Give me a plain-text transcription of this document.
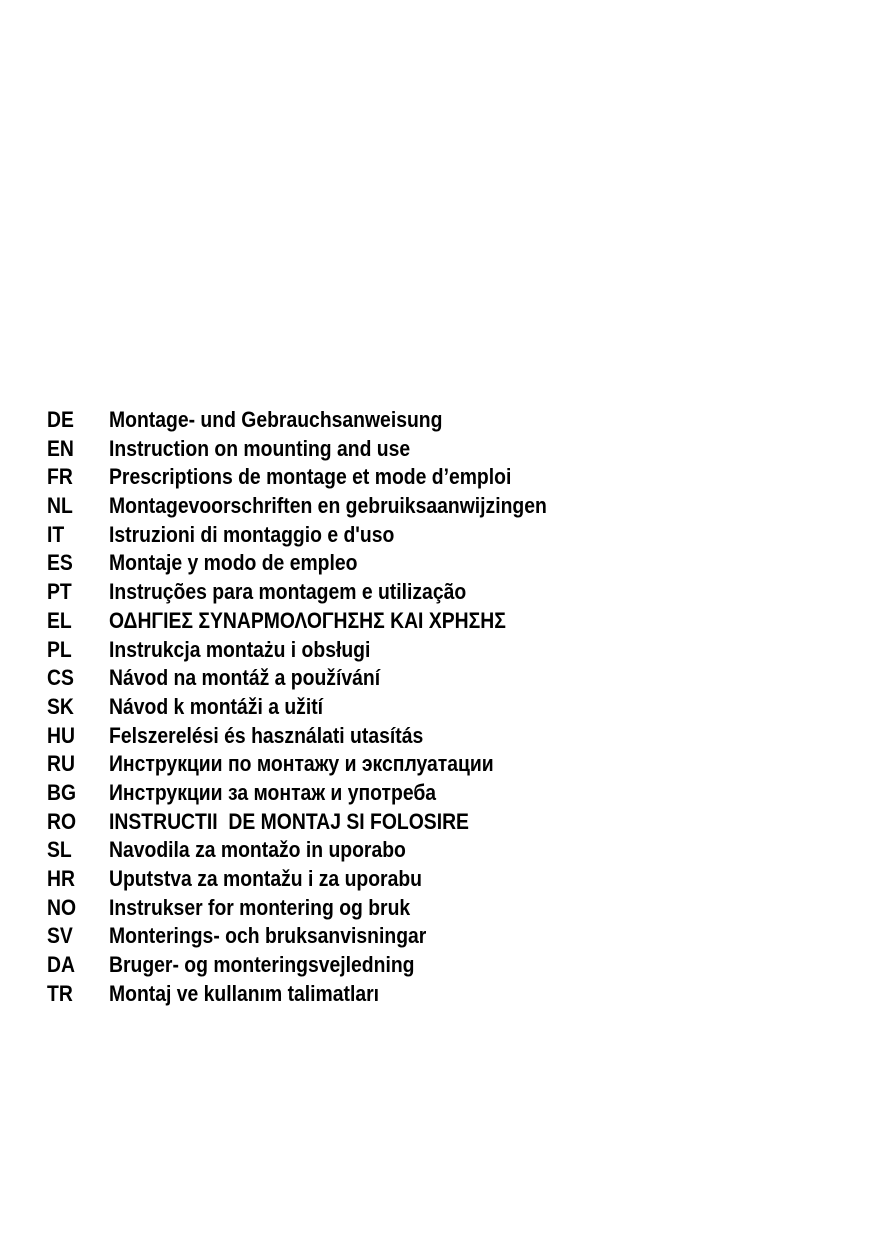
DE Montage- und Gebrauchsanweisung
EN Instruction on mounting and use
FR Prescriptions de montage et mode d’emploi
NL Montagevoorschriften en gebruiksaanwijzingen
IT Istruzioni di montaggio e d'uso
ES Montaje y modo de empleo
PT Instruções para montagem e utilização
EL ΟΔΗΓΙΕΣ ΣΥΝΑΡΜΟΛΟΓΗΣΗΣ ΚΑΙ ΧΡΗΣΗΣ
PL Instrukcja montażu i obsługi
CS Návod na montáž a používání
SK Návod k montáži a užití
HU Felszerelési és használati utasítás
RU Инструкции по монтажу и эксплуатации
BG Инструкции за монтаж и употреба
RO INSTRUCTII  DE MONTAJ SI FOLOSIRE
SL Navodila za montažo in uporabo
HR Uputstva za montažu i za uporabu
NO Instrukser for montering og bruk
SV Monterings- och bruksanvisningar
DA Bruger- og monteringsvejledning
TR Montaj ve kullanım talimatları
